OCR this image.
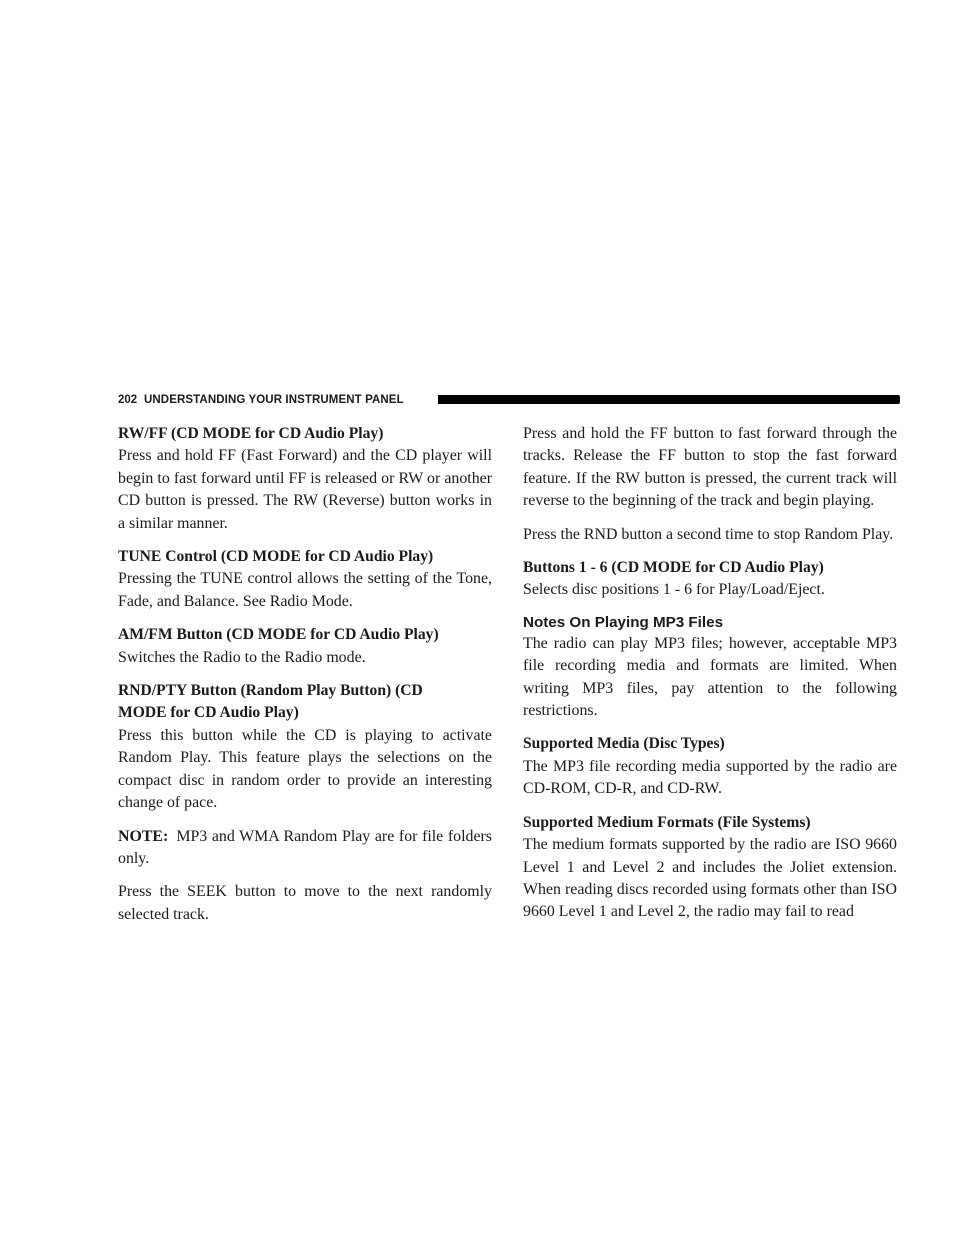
202 UNDERSTANDING YOUR INSTRUMENT PANEL
RW/FF (CD MODE for CD Audio Play)

Press and hold FF (Fast Forward) and the CD player will begin to fast forward until FF is released or RW or another CD button is pressed. The RW (Reverse) button works in a similar manner.

TUNE Control (CD MODE for CD Audio Play)

Pressing the TUNE control allows the setting of the Tone, Fade, and Balance. See Radio Mode.

AM/FM Button (CD MODE for CD Audio Play)

Switches the Radio to the Radio mode.

RND/PTY Button (Random Play Button) (CD
MODE for CD Audio Play)

Press this button while the CD is playing to activate Random Play. This feature plays the selections on the compact disc in random order to provide an interesting change of pace.

NOTE: MP3 and WMA Random Play are for file folders only.

Press the SEEK button to move to the next randomly selected track.

Press and hold the FF button to fast forward through the tracks. Release the FF button to stop the fast forward feature. If the RW button is pressed, the current track will reverse to the beginning of the track and begin playing.

Press the RND button a second time to stop Random Play.

Buttons 1 - 6 (CD MODE for CD Audio Play)

Selects disc positions 1 - 6 for Play/Load/Eject.

Notes On Playing MP3 Files

The radio can play MP3 files; however, acceptable MP3 file recording media and formats are limited. When writing MP3 files, pay attention to the following restrictions.

Supported Media (Disc Types)

The MP3 file recording media supported by the radio are CD-ROM, CD-R, and CD-RW.

Supported Medium Formats (File Systems)

The medium formats supported by the radio are ISO 9660 Level 1 and Level 2 and includes the Joliet extension. When reading discs recorded using formats other than ISO 9660 Level 1 and Level 2, the radio may fail to read
